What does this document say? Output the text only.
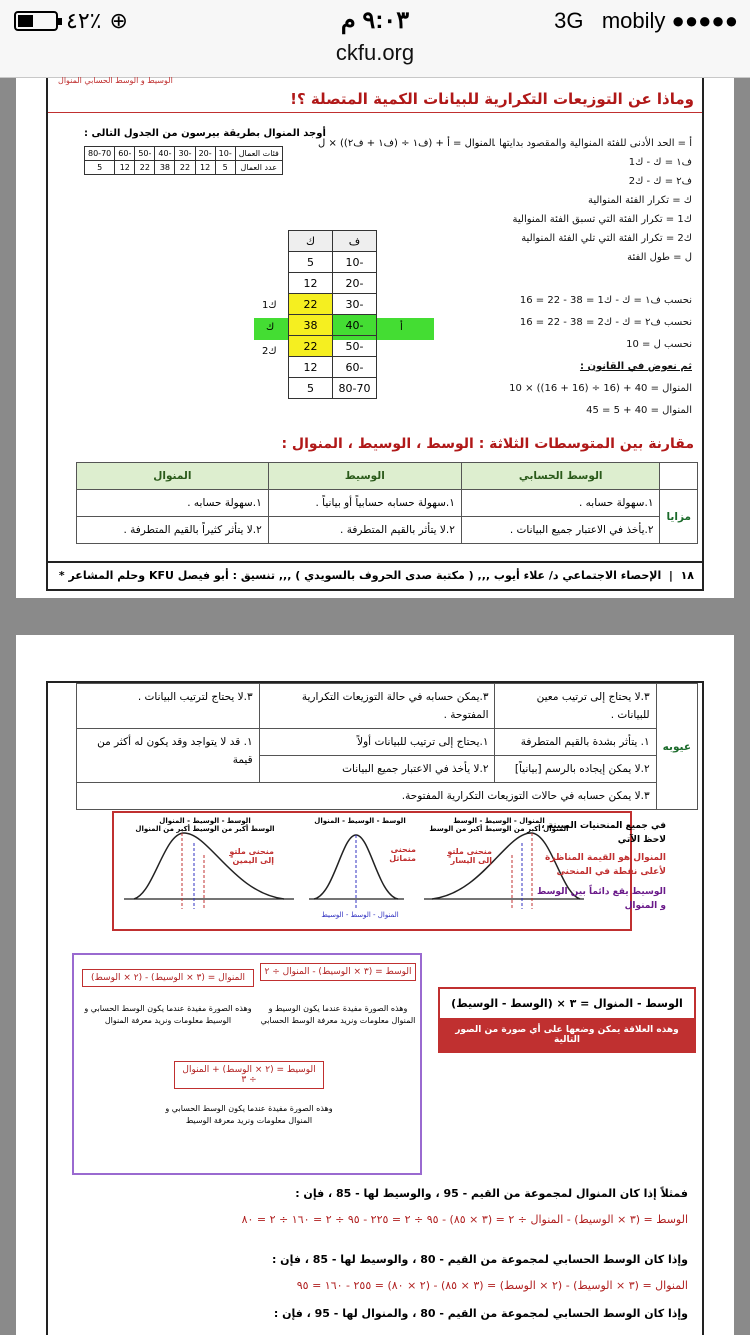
٤٢٪ ⊕	٩:٠٣ م	3G mobily ●●●●●
ckfu.org
الوسيط و الوسط الحسابي المنوال
وماذا عن التوزيعات التكرارية للبيانات الكمية المتصلة ؟!
أوجد المنوال بطريقة بيرسون من الجدول التالى :
فئات العمال	-10	-20	-30	-40	-50	-60	80-70
عدد العمال	5	12	22	38	22	12	5
المنوال = أ + (ف١ ÷ (ف١ + ف٢)) × ل
أ = الحد الأدنى للفئة المنوالية والمقصود بدايتها .
ف١ = ك - ك1
ف٢ = ك - ك2
ك = تكرار الفئة المنوالية
ك1 = تكرار الفئة التي تسبق الفئة المنوالية
ك2 = تكرار الفئة التي تلي الفئة المنوالية
ل = طول الفئة
ف	ك
-10	5
-20	12
-30	22
-40	38
-50	22
-60	12
80-70	5
ك1
ك
ك2
أ
نحسب ف١ = ك - ك1 = 38 - 22 = 16
نحسب ف٢ = ك - ك2 = 38 - 22 = 16
نحسب ل = 10
ثم نعوض في القانون :
المنوال = 40 + (16 ÷ (16 + 16)) × 10
المنوال = 40 + 5 = 45
مقارنة بين المتوسطات الثلاثة : الوسط ، الوسيط ، المنوال :
	الوسط الحسابي	الوسيط	المنوال
مزايا	١.سهولة حسابه .	١.سهولة حسابه حسابياً أو بيانياً .	١.سهولة حسابه .
	٢.يأخذ في الاعتبار جميع البيانات .	٢.لا يتأثر بالقيم المتطرفة .	٢.لا يتأثر كثيراً بالقيم المتطرفة .
١٨  |  الإحصاء الاجتماعي د/ علاء أيوب ,,, ( مكتبة صدى الحروف بالسويدي ) ,,, تنسيق : أبو فيصل KFU وحلم المشاعر *
عيوبه	٣.لا يحتاج إلى ترتيب معين للبيانات .	٣.يمكن حسابه في حالة التوزيعات التكرارية المفتوحة .	٣.لا يحتاج لترتيب البيانات .
	١. يتأثر بشدة بالقيم المتطرفة	١.يحتاج إلى ترتيب للبيانات أولاً	١. قد لا يتواجد وقد يكون له أكثر من قيمة
	٢.لا يمكن إيجاده بالرسم [بيانياً]	٢.لا يأخذ في الاعتبار جميع البيانات	
	٣.لا يمكن حسابه في حالات التوزيعات التكرارية المفتوحة.		
الوسط - الوسيط - المنوال
الوسط أكبر من الوسيط أكبر من المنوال
منحنى ملتوٍ إلى اليمين
الوسط - الوسيط - المنوال
منحنى متماثل
المنوال - الوسط - الوسيط
المنوال - الوسيط - الوسط
المنوال أكبر من الوسيط أكبر من الوسط
منحنى ملتوٍ إلى اليسار
في جميع المنحنيات المبينة ، لاحظ الآتي
المنوال هو القيمة المناظرة لأعلى نقطة في المنحنى
الوسيط يقع دائماً بين الوسط و المنوال
الوسط = (٣ × الوسيط) - المنوال ÷ ٢
وهذه الصورة مفيدة عندما يكون الوسيط و المنوال معلومات ونريد معرفة الوسط الحسابي
المنوال = (٣ × الوسيط) - (٢ × الوسط)
وهذه الصورة مفيدة عندما يكون الوسط الحسابي و الوسيط معلومات ونريد معرفة المنوال
الوسيط = (٢ × الوسط) + المنوال ÷ ٣
وهذه الصورة مفيدة عندما يكون الوسط الحسابي و المنوال معلومات ونريد معرفة الوسيط
الوسط - المنوال = ٣ × (الوسط - الوسيط)
وهذه العلاقة يمكن وضعها على أي صورة من الصور التالية
فمثلاً إذا كان المنوال لمجموعة من القيم - 95 ، والوسيط لها - 85 ، فإن :
الوسط = (٣ × الوسيط) - المنوال ÷ ٢ = (٣ × ٨٥) - ٩٥ ÷ ٢ = ٢٢٥ - ٩٥ ÷ ٢ = ١٦٠ ÷ ٢ = ٨٠
وإذا كان الوسط الحسابي لمجموعة من القيم - 80 ، والوسيط لها - 85 ، فإن :
المنوال = (٣ × الوسيط) - (٢ × الوسط) = (٣ × ٨٥) - (٢ × ٨٠) = ٢٥٥ - ١٦٠ = ٩٥
وإذا كان الوسط الحسابي لمجموعة من القيم - 80 ، والمنوال لها - 95 ، فإن :
